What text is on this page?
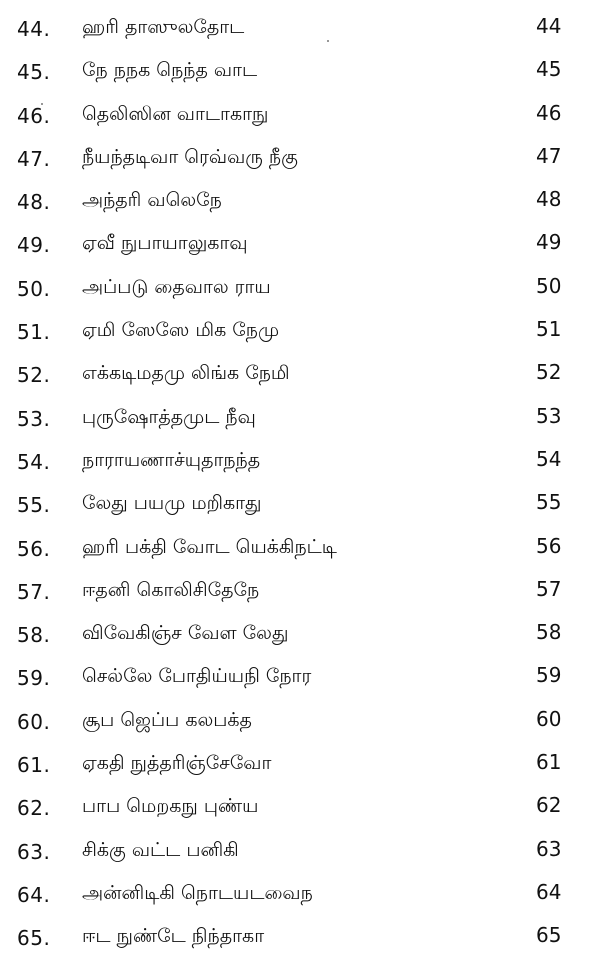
44. ஹரி தாஸுலதோட	44
45. நே நநக நெந்த வாட	45
46. தெலிஸின வாடாகாநு	46
47. நீயந்தடிவா ரெவ்வரு நீகு	47
48. அந்தரி வலெநே	48
49. ஏவீ நுபாயாலுகாவு	49
50. அப்படு தைவால ராய	50
51. ஏமி ஸேஸே மிக நேமு	51
52. எக்கடிமதமு லிங்க நேமி	52
53. புருஷோத்தமுட நீவு	53
54. நாராயணாச்யுதாநந்த	54
55. லேது பயமு மறிகாது	55
56. ஹரி பக்தி வோட யெக்கிநட்டி	56
57. ஈதனி கொலிசிதேநே	57
58. விவேகிஞ்ச வேள லேது	58
59. செல்லே போதிய்யநி நோர	59
60. சூப ஜெப்ப கலபக்த	60
61. ஏகதி நுத்தரிஞ்சேவோ	61
62. பாப மெறகநு புண்ய	62
63. சிக்கு வட்ட பனிகி	63
64. அன்னிடிகி நொடயடவைந	64
65. ஈட நுண்டே நிந்தாகா	65
